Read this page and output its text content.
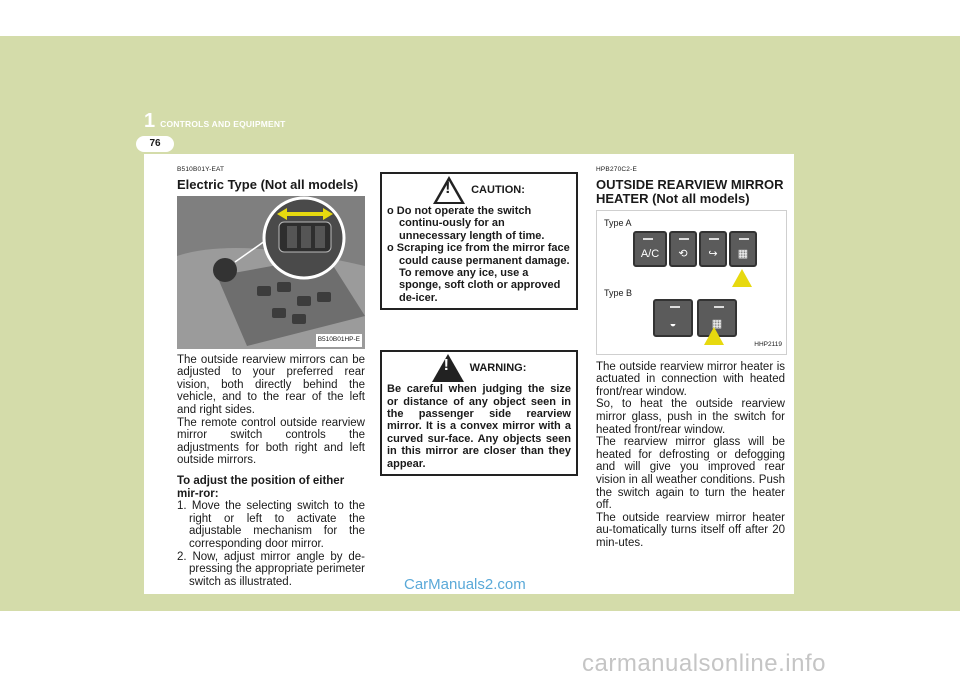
1 CONTROLS AND EQUIPMENT
76
B510B01Y-EAT
Electric Type (Not all models)
B510B01HP-E

The outside rearview mirrors can be adjusted to your preferred rear vision, both directly behind the vehicle, and to the rear of the left and right sides.

The remote control outside rearview mirror switch controls the adjustments for both right and left outside mirrors.

To adjust the position of either mir-ror:
1. Move the selecting switch to the right or left to activate the adjustable mechanism for the corresponding door mirror.
2. Now, adjust mirror angle by de-pressing the appropriate perimeter switch as illustrated.
! CAUTION:
o Do not operate the switch continu-ously for an unnecessary length of time.
o Scraping ice from the mirror face could cause permanent damage. To remove any ice, use a sponge, soft cloth or approved de-icer.
! WARNING:
Be careful when judging the size or distance of any object seen in the passenger side rearview mirror. It is a convex mirror with a curved sur-face. Any objects seen in this mirror are closer than they appear.
HPB270C2-E
OUTSIDE REARVIEW MIRROR HEATER (Not all models)
Type A
A/C ⟲ ↪ ▦
Type B
◒	▦
HHP2119

The outside rearview mirror heater is actuated in connection with heated front/rear window.

So, to heat the outside rearview mirror glass, push in the switch for heated front/rear window.

The rearview mirror glass will be heated for defrosting or defogging and will give you improved rear vision in all weather conditions. Push the switch again to turn the heater off.

The outside rearview mirror heater au-tomatically turns itself off after 20 min-utes.

CarManuals2.com
carmanualsonline.info
